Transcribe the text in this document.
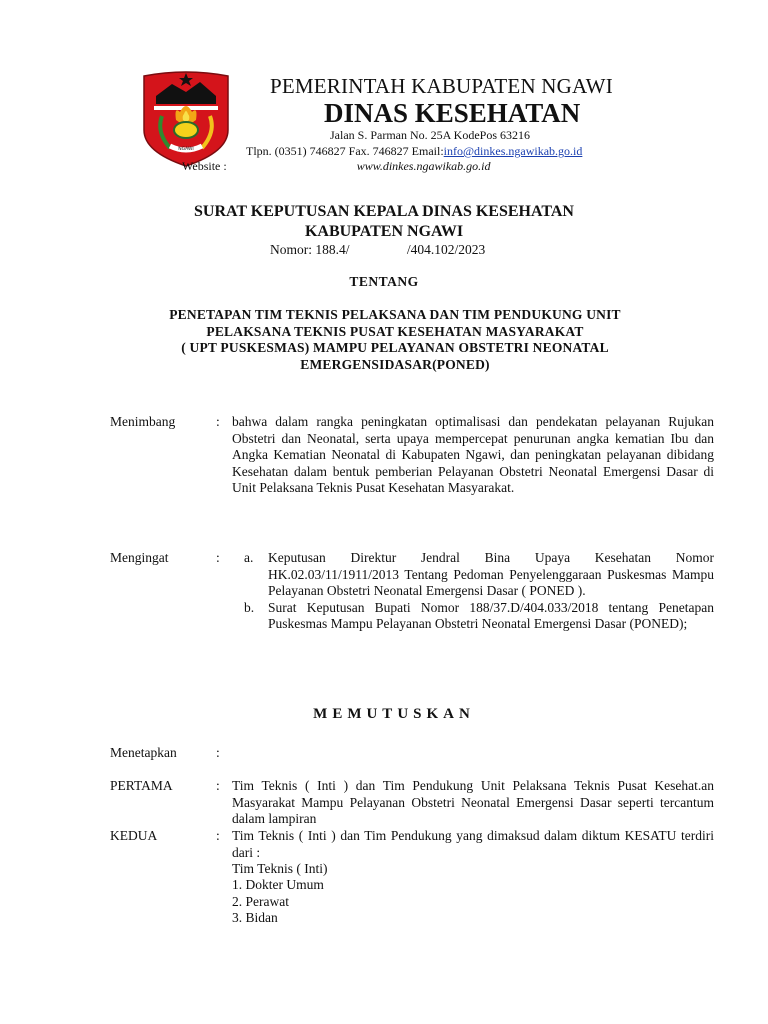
NGAWI
PEMERINTAH KABUPATEN NGAWI
DINAS KESEHATAN
Jalan S. Parman No. 25A KodePos 63216
Tlpn. (0351) 746827 Fax. 746827 Email:info@dinkes.ngawikab.go.id
Website :	www.dinkes.ngawikab.go.id
SURAT KEPUTUSAN KEPALA DINAS KESEHATAN
KABUPATEN NGAWI
Nomor: 188.4/                 /404.102/2023
TENTANG
PENETAPAN TIM TEKNIS PELAKSANA DAN TIM PENDUKUNG UNIT
PELAKSANA TEKNIS PUSAT KESEHATAN MASYARAKAT
( UPT PUSKESMAS) MAMPU PELAYANAN OBSTETRI NEONATAL
EMERGENSIDASAR(PONED)
Menimbang	: bahwa dalam rangka peningkatan optimalisasi dan pendekatan pelayanan Rujukan Obstetri dan Neonatal, serta upaya mempercepat penurunan angka kematian Ibu dan Angka Kematian Neonatal di Kabupaten Ngawi, dan peningkatan pelayanan dibidang Kesehatan dalam bentuk pemberian Pelayanan Obstetri Neonatal Emergensi Dasar di Unit Pelaksana Teknis Pusat Kesehatan Masyarakat.
Mengingat	: a. Keputusan Direktur Jendral Bina Upaya Kesehatan Nomor HK.02.03/11/1911/2013 Tentang Pedoman Penyelenggaraan Puskesmas Mampu Pelayanan Obstetri Neonatal Emergensi Dasar ( PONED ).
b. Surat Keputusan Bupati Nomor 188/37.D/404.033/2018 tentang Penetapan Puskesmas Mampu Pelayanan Obstetri Neonatal Emergensi Dasar (PONED);
MEMUTUSKAN
Menetapkan	:
PERTAMA	: Tim Teknis ( Inti ) dan Tim Pendukung Unit Pelaksana Teknis Pusat Kesehat.an Masyarakat Mampu Pelayanan Obstetri Neonatal Emergensi Dasar seperti tercantum dalam lampiran
KEDUA	: Tim Teknis ( Inti ) dan Tim Pendukung yang dimaksud dalam diktum KESATU terdiri dari :
Tim Teknis ( Inti)
1. Dokter Umum
2. Perawat
3. Bidan
